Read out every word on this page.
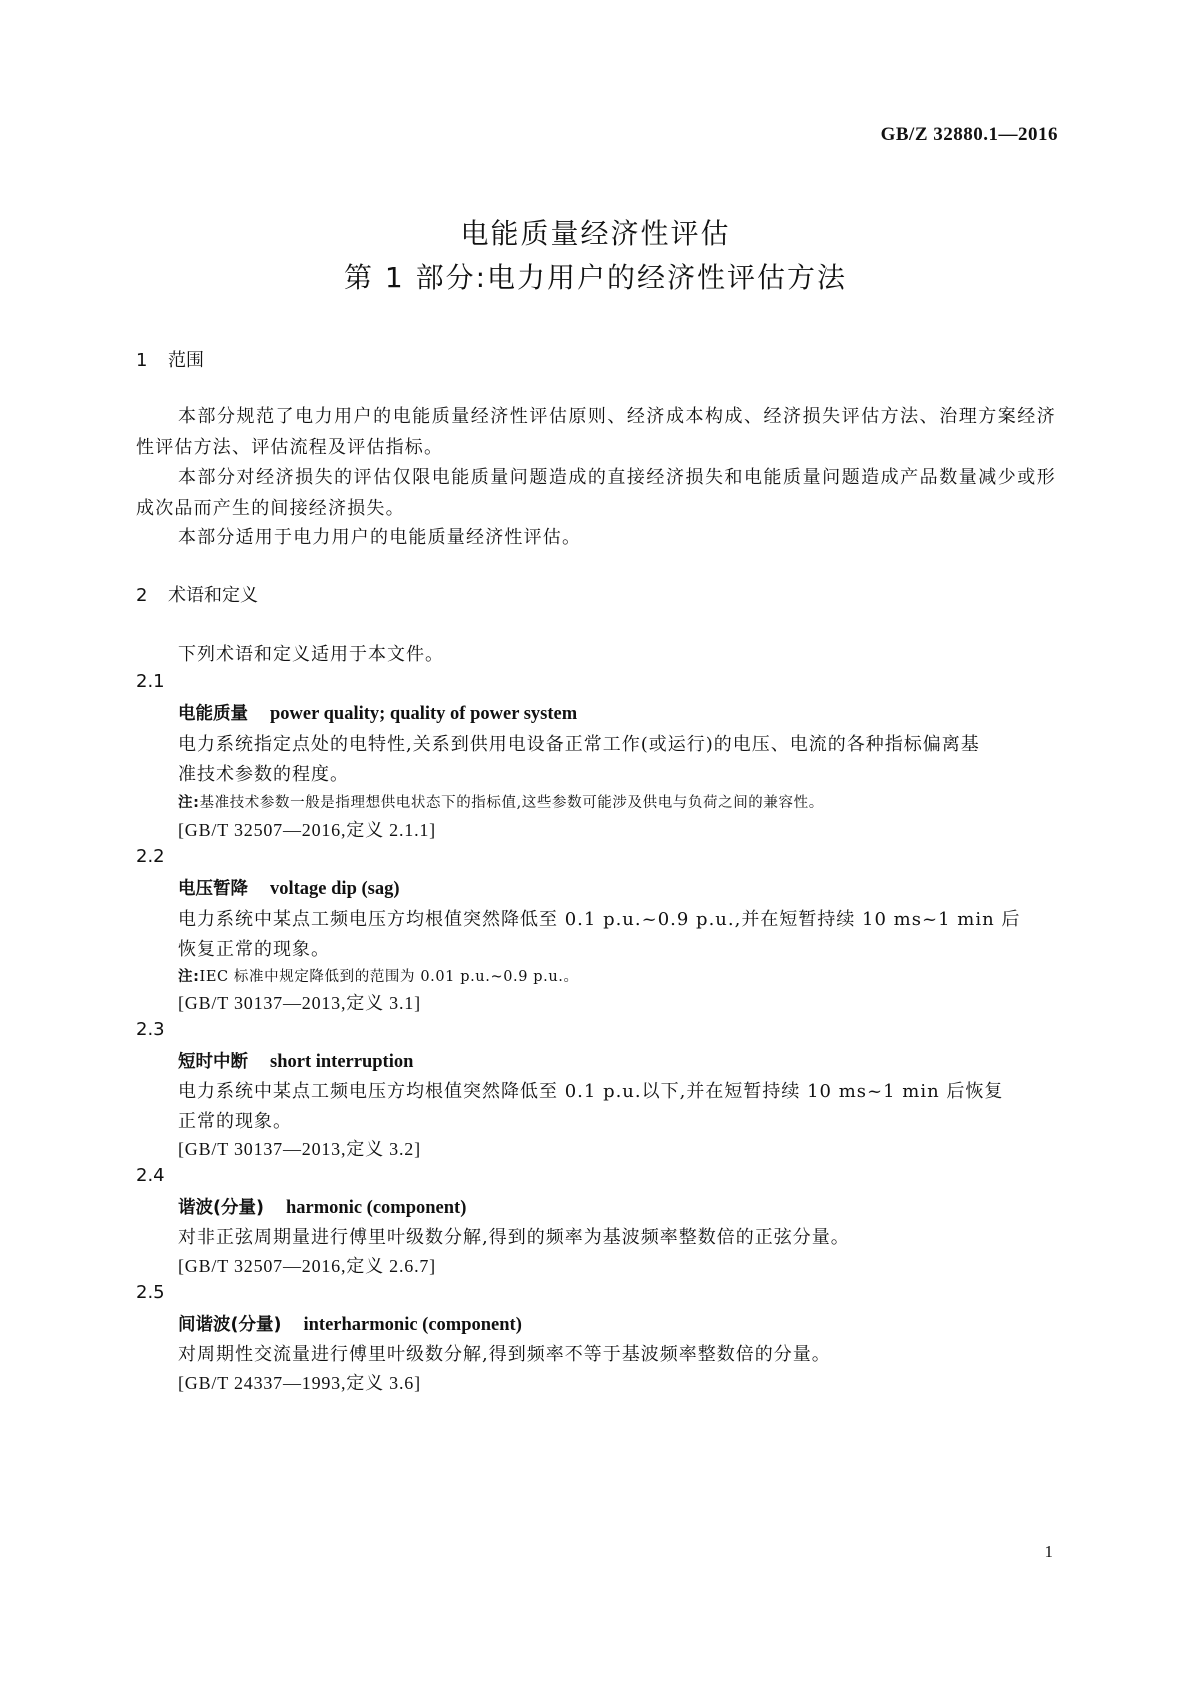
GB/Z 32880.1—2016
电能质量经济性评估
第 1 部分:电力用户的经济性评估方法
1 范围
本部分规范了电力用户的电能质量经济性评估原则、经济成本构成、经济损失评估方法、治理方案经济性评估方法、评估流程及评估指标。
本部分对经济损失的评估仅限电能质量问题造成的直接经济损失和电能质量问题造成产品数量减少或形成次品而产生的间接经济损失。
本部分适用于电力用户的电能质量经济性评估。
2 术语和定义
下列术语和定义适用于本文件。
2.1
电能质量 power quality; quality of power system
电力系统指定点处的电特性,关系到供用电设备正常工作(或运行)的电压、电流的各种指标偏离基
准技术参数的程度。
注:基准技术参数一般是指理想供电状态下的指标值,这些参数可能涉及供电与负荷之间的兼容性。
[GB/T 32507—2016,定义 2.1.1]
2.2
电压暂降 voltage dip (sag)
电力系统中某点工频电压方均根值突然降低至 0.1 p.u.~0.9 p.u.,并在短暂持续 10 ms~1 min 后
恢复正常的现象。
注:IEC 标准中规定降低到的范围为 0.01 p.u.~0.9 p.u.。
[GB/T 30137—2013,定义 3.1]
2.3
短时中断 short interruption
电力系统中某点工频电压方均根值突然降低至 0.1 p.u.以下,并在短暂持续 10 ms~1 min 后恢复
正常的现象。
[GB/T 30137—2013,定义 3.2]
2.4
谐波(分量) harmonic (component)
对非正弦周期量进行傅里叶级数分解,得到的频率为基波频率整数倍的正弦分量。
[GB/T 32507—2016,定义 2.6.7]
2.5
间谐波(分量) interharmonic (component)
对周期性交流量进行傅里叶级数分解,得到频率不等于基波频率整数倍的分量。
[GB/T 24337—1993,定义 3.6]
1
